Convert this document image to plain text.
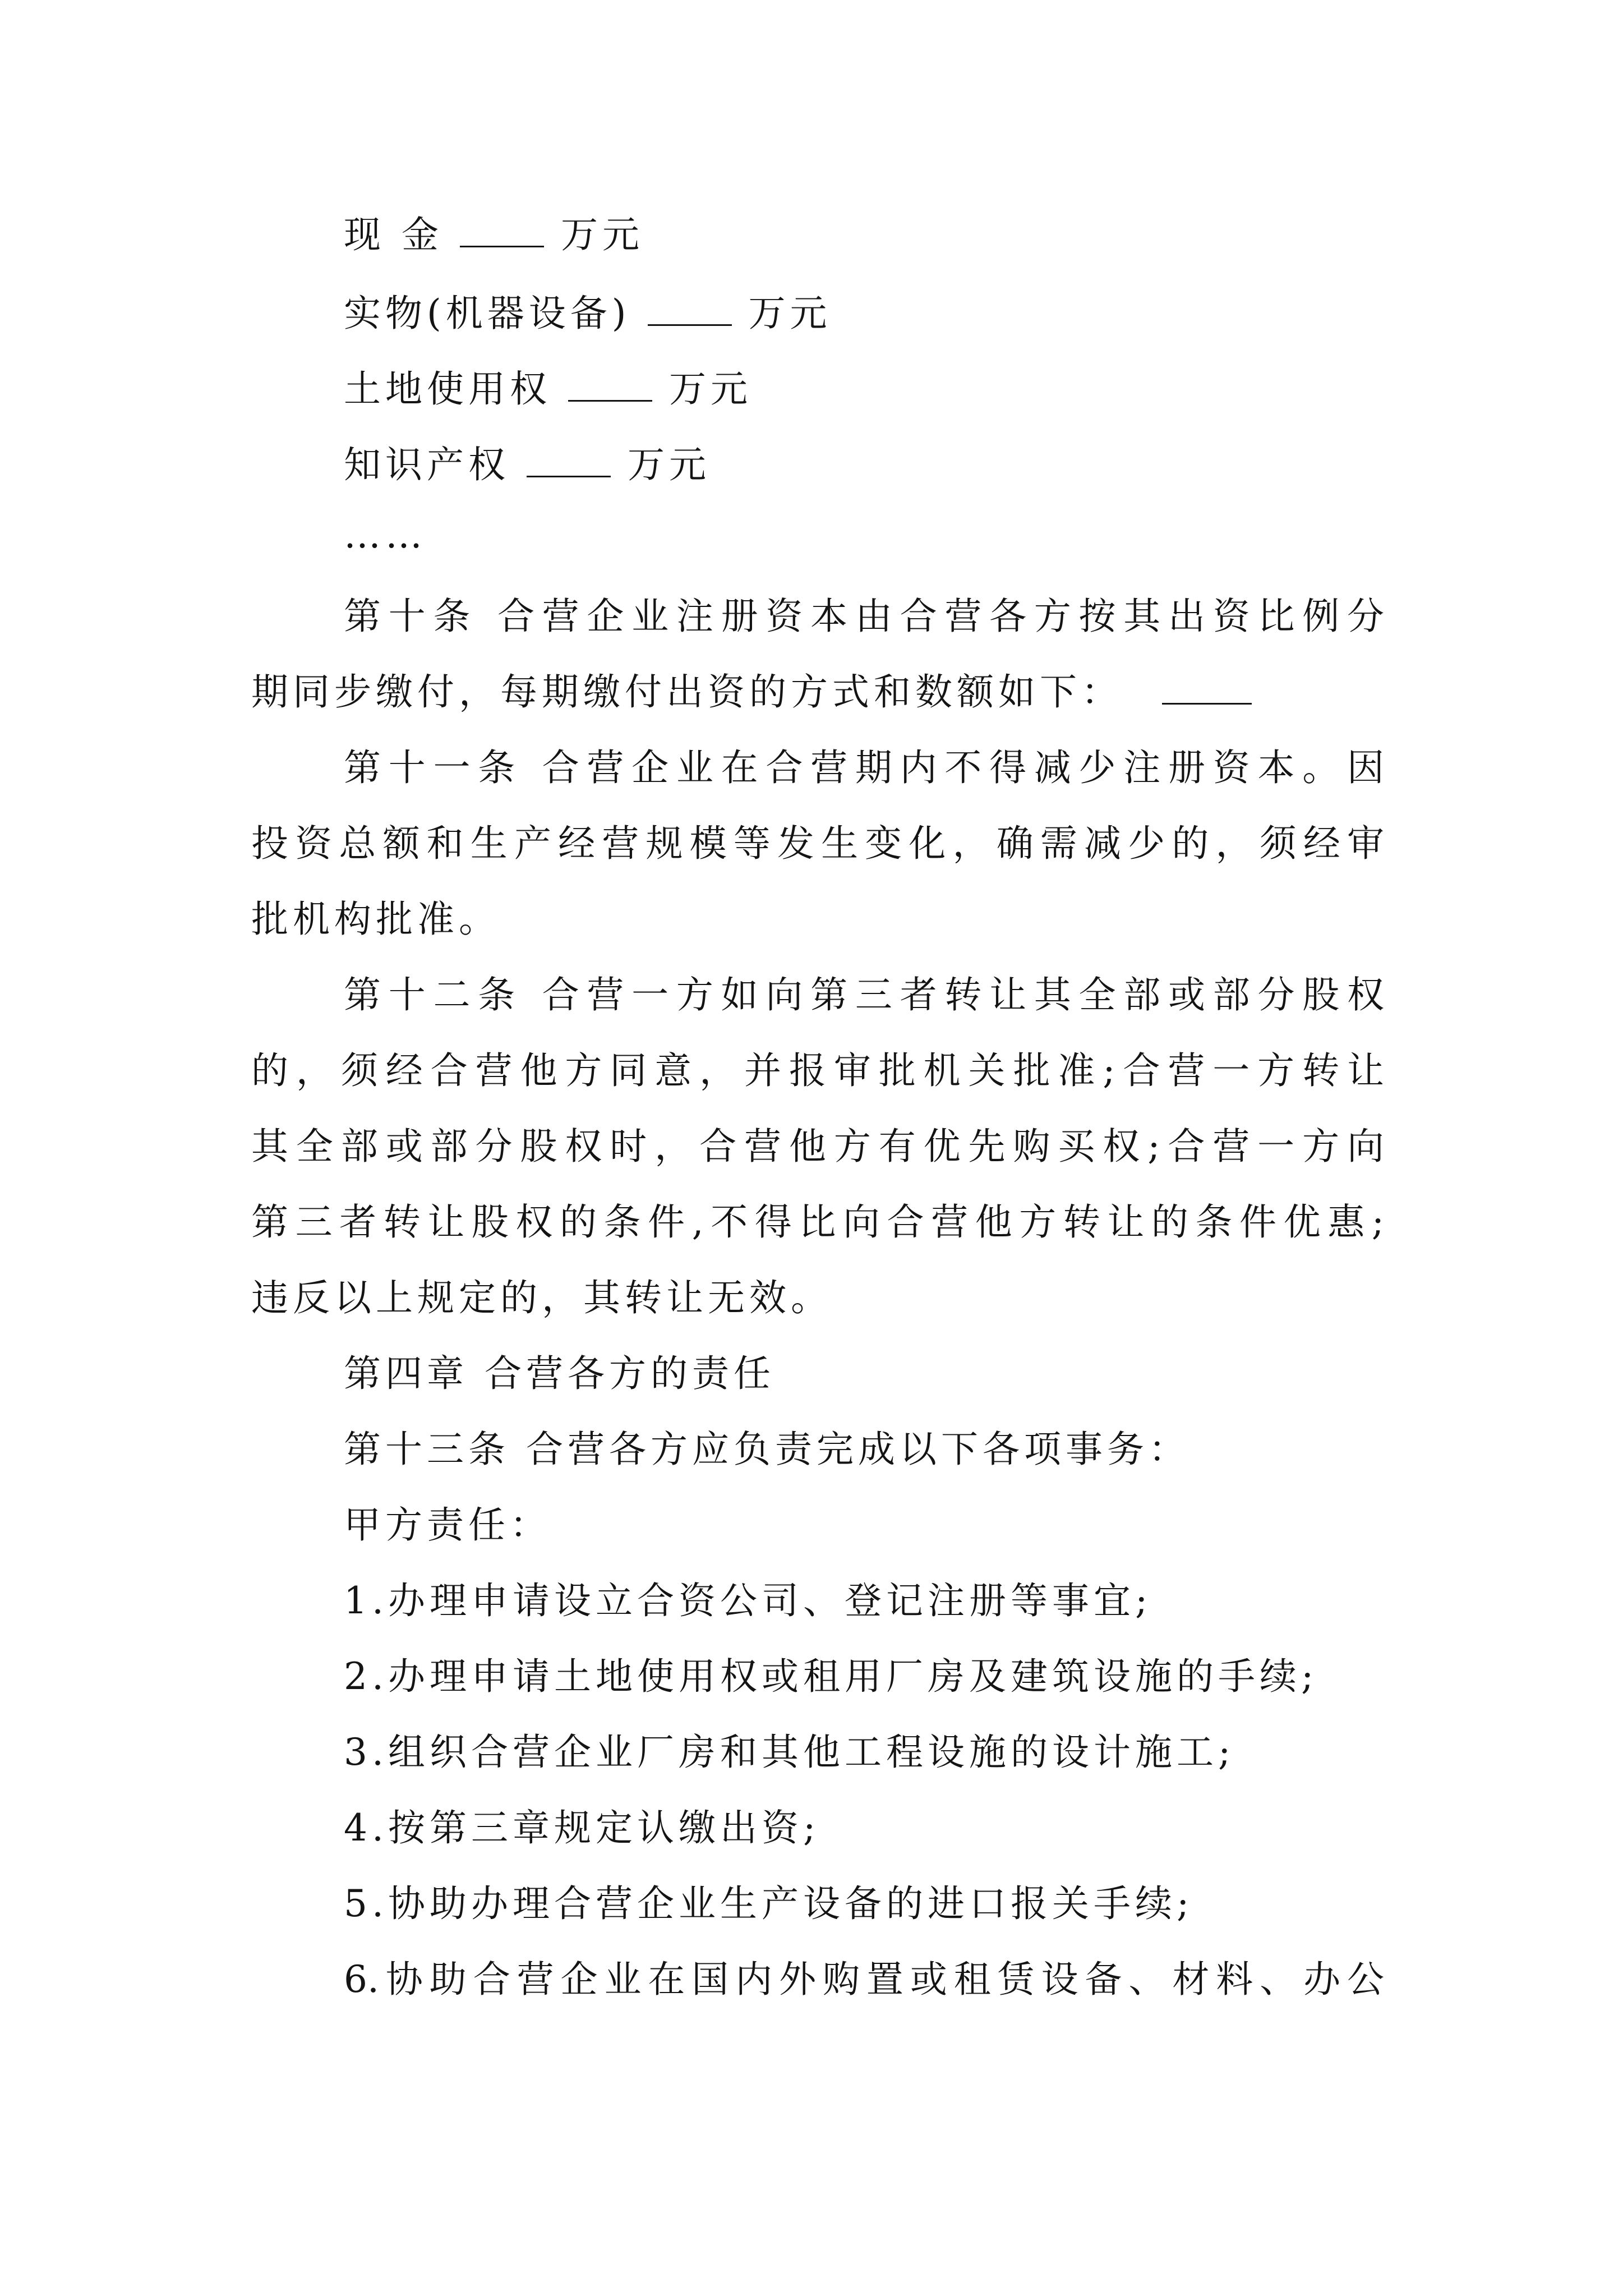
现 金	万元
实物(机器设备)	万元
土地使用权	万元
知识产权	万元
……
第十条 合营企业注册资本由合营各方按其出资比例分
期同步缴付，每期缴付出资的方式和数额如下：
第十一条 合营企业在合营期内不得减少注册资本。因
投资总额和生产经营规模等发生变化，确需减少的，须经审
批机构批准。
第十二条 合营一方如向第三者转让其全部或部分股权
的，须经合营他方同意，并报审批机关批准;合营一方转让
其全部或部分股权时，合营他方有优先购买权;合营一方向
第三者转让股权的条件,不得比向合营他方转让的条件优惠;
违反以上规定的，其转让无效。
第四章 合营各方的责任
第十三条 合营各方应负责完成以下各项事务：
甲方责任：
1.办理申请设立合资公司、登记注册等事宜;
2.办理申请土地使用权或租用厂房及建筑设施的手续;
3.组织合营企业厂房和其他工程设施的设计施工;
4.按第三章规定认缴出资;
5.协助办理合营企业生产设备的进口报关手续;
6.协助合营企业在国内外购置或租赁设备、材料、办公
